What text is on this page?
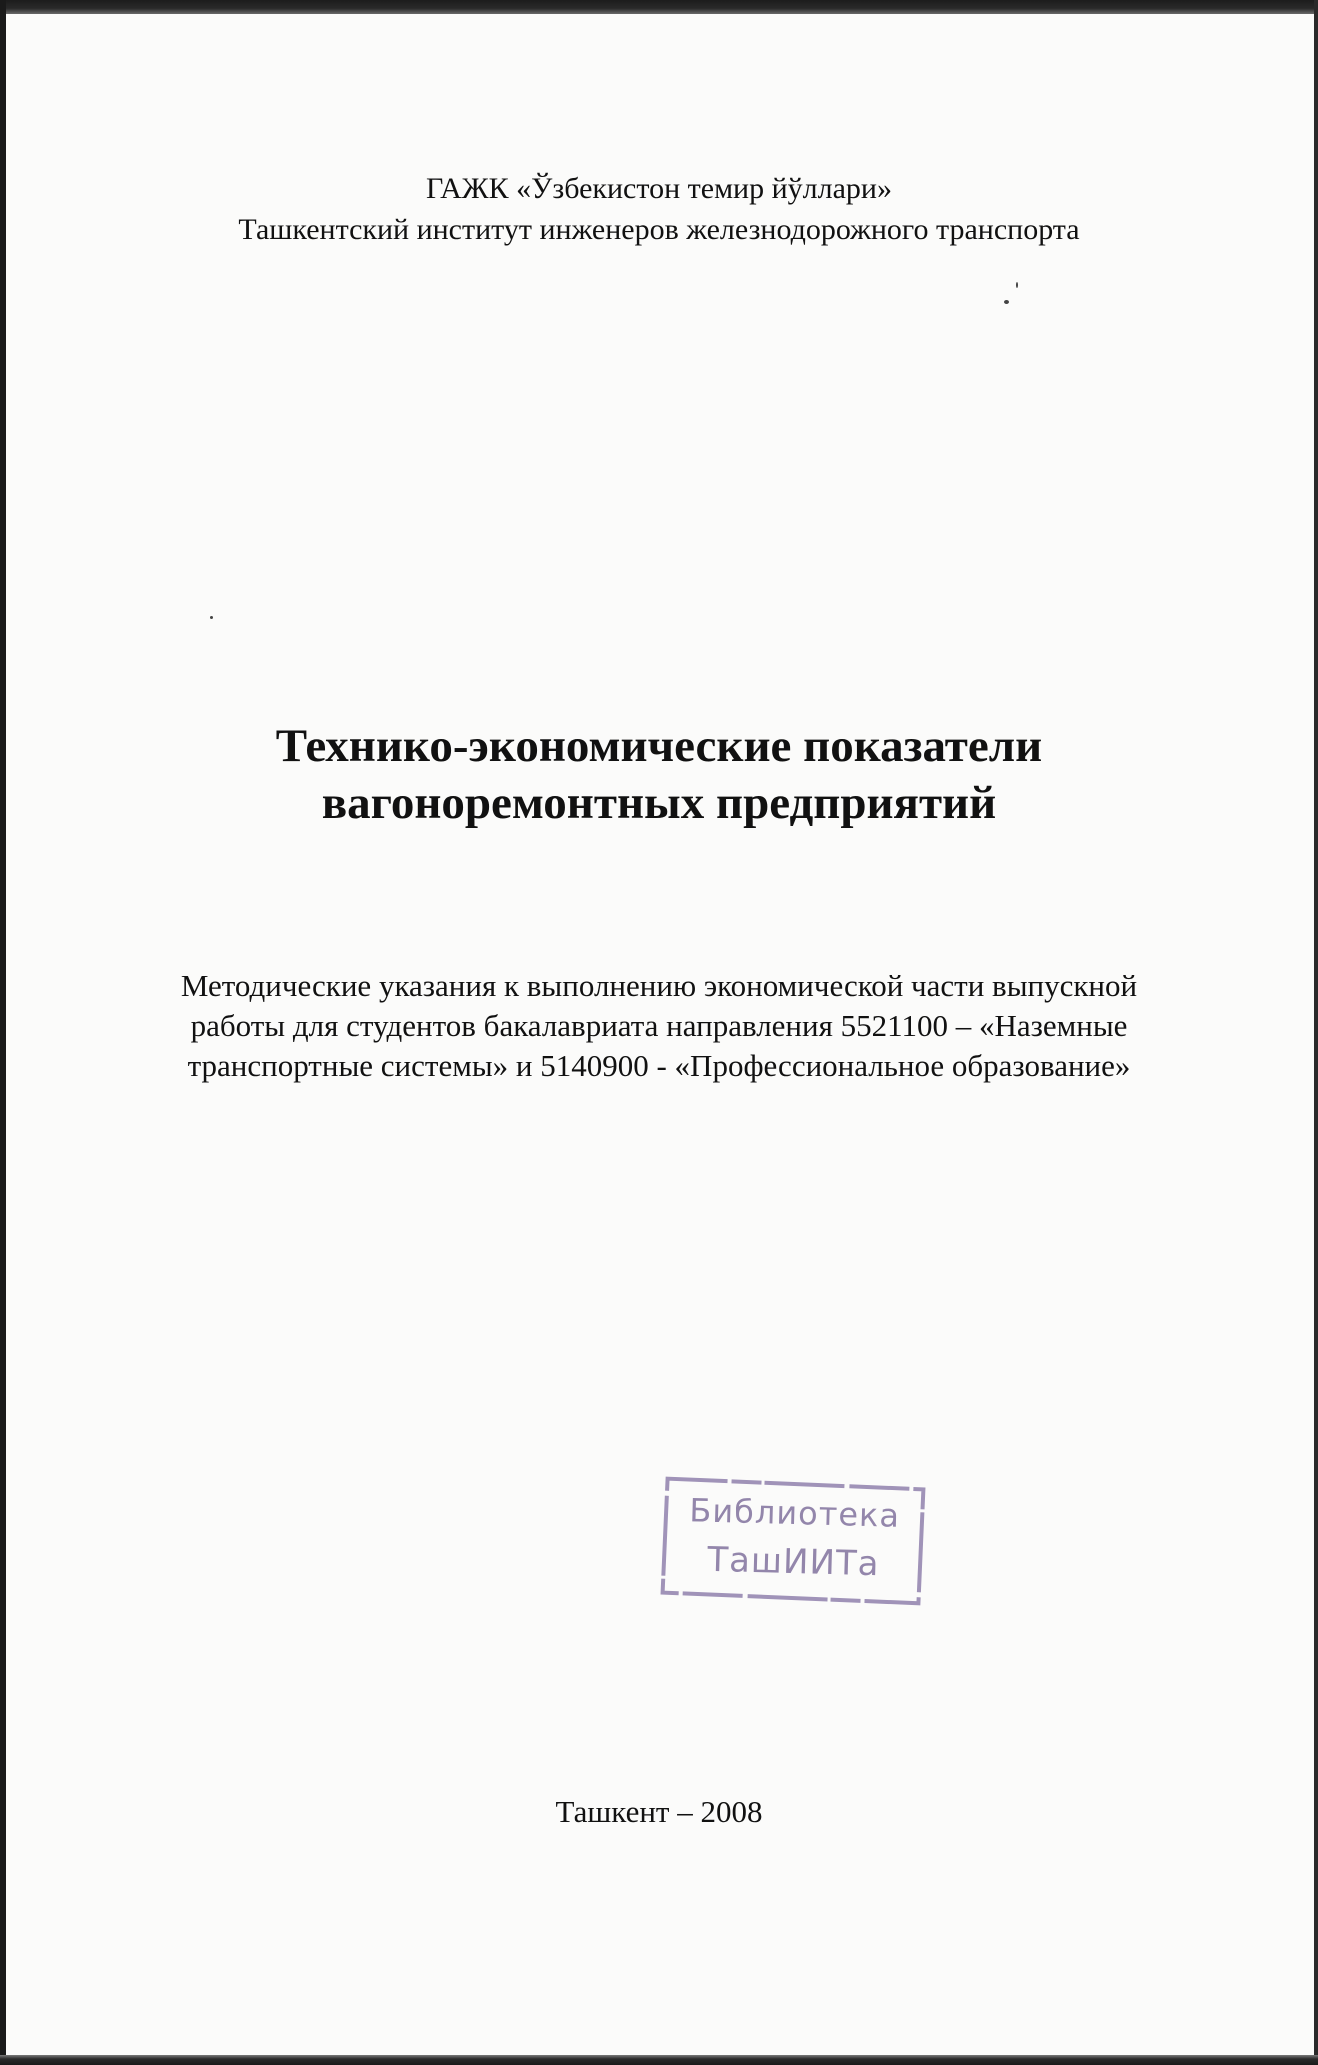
ГАЖК «Ўзбекистон темир йўллари»
Ташкентский институт инженеров железнодорожного транспорта
Технико-экономические показатели
вагоноремонтных предприятий
Методические указания к выполнению экономической части выпускной
работы для студентов бакалавриата направления 5521100 – «Наземные
транспортные системы» и 5140900 - «Профессиональное образование»
Библиотека
ТашИИТа
Ташкент – 2008
